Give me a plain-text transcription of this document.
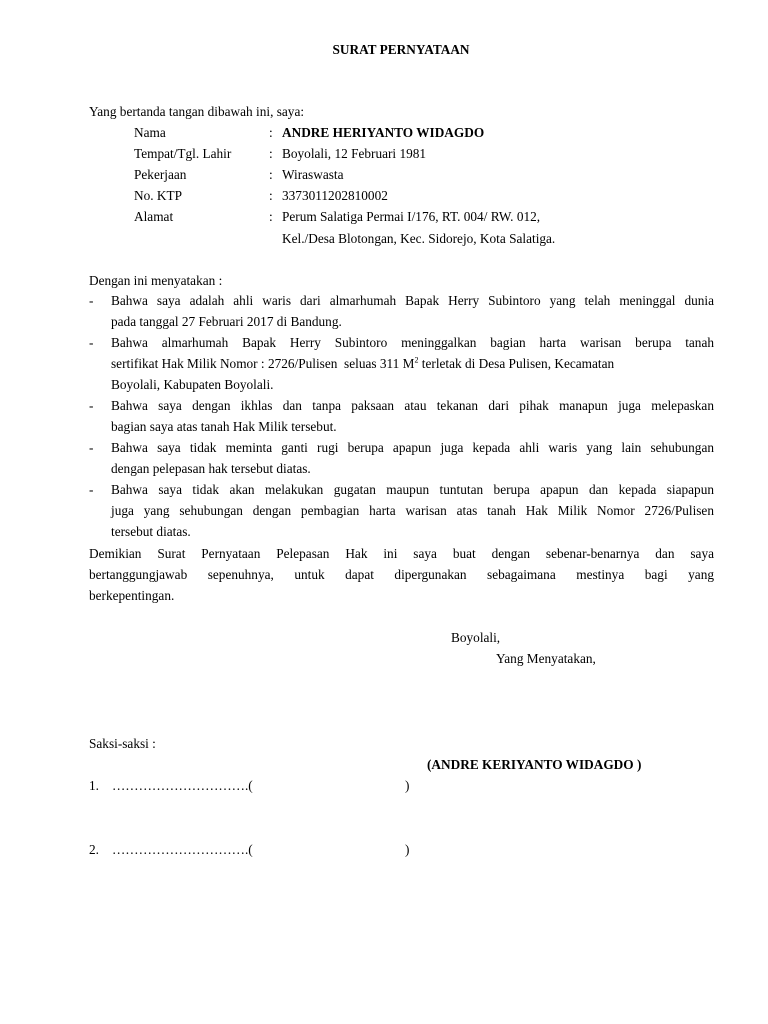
SURAT PERNYATAAN
Yang bertanda tangan dibawah ini, saya:
Nama	: ANDRE HERIYANTO WIDAGDO
Tempat/Tgl. Lahir	: Boyolali, 12 Februari 1981
Pekerjaan	: Wiraswasta
No. KTP	: 3373011202810002
Alamat	: Perum Salatiga Permai I/176, RT. 004/ RW. 012,
Kel./Desa Blotongan, Kec. Sidorejo, Kota Salatiga.
Dengan ini menyatakan :
- Bahwa saya adalah ahli waris dari almarhumah Bapak Herry Subintoro yang telah meninggal dunia
pada tanggal 27 Februari 2017 di Bandung.
- Bahwa almarhumah Bapak Herry Subintoro meninggalkan bagian harta warisan berupa tanah
sertifikat Hak Milik Nomor : 2726/Pulisen  seluas 311 $M^2$ terletak di Desa Pulisen, Kecamatan
Boyolali, Kabupaten Boyolali.
- Bahwa saya dengan ikhlas dan tanpa paksaan atau tekanan dari pihak manapun juga melepaskan
bagian saya atas tanah Hak Milik tersebut.
- Bahwa saya tidak meminta ganti rugi berupa apapun juga kepada ahli waris yang lain sehubungan
dengan pelepasan hak tersebut diatas.
- Bahwa saya tidak akan melakukan gugatan maupun tuntutan berupa apapun dan kepada siapapun
juga yang sehubungan dengan pembagian harta warisan atas tanah Hak Milik Nomor 2726/Pulisen
tersebut diatas.
Demikian Surat Pernyataan Pelepasan Hak ini saya buat dengan sebenar-benarnya dan saya
bertanggungjawab sepenuhnya, untuk dapat dipergunakan sebagaimana mestinya bagi yang
berkepentingan.
Boyolali,
Yang Menyatakan,
Saksi-saksi :
(ANDRE KERIYANTO WIDAGDO )
1. ………………………….(	)
2. ………………………….(	)
